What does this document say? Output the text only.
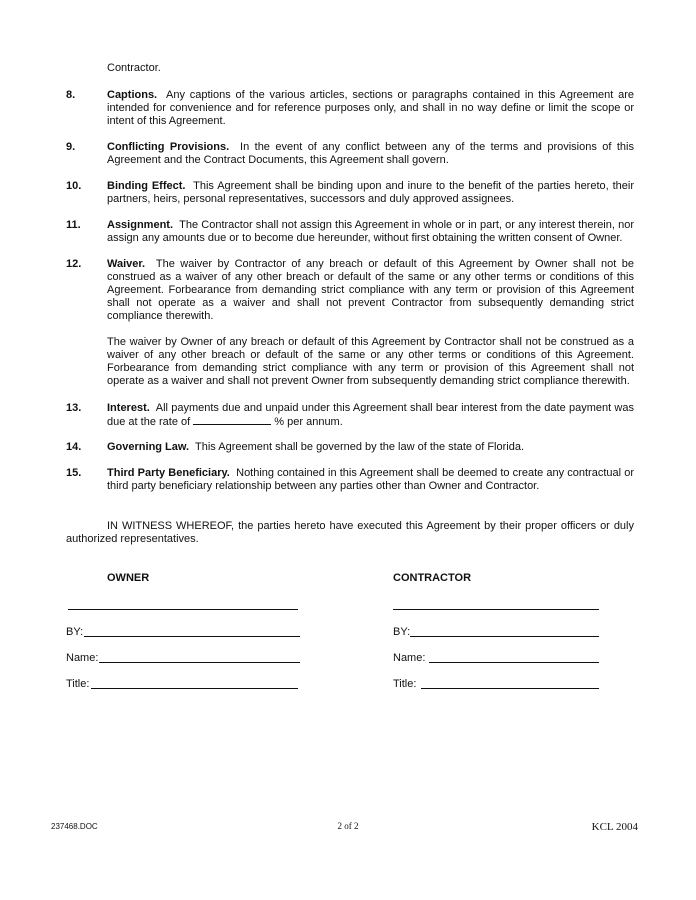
Contractor.
8.	Captions. Any captions of the various articles, sections or paragraphs contained in this Agreement are intended for convenience and for reference purposes only, and shall in no way define or limit the scope or intent of this Agreement.
9.	Conflicting Provisions. In the event of any conflict between any of the terms and provisions of this Agreement and the Contract Documents, this Agreement shall govern.
10. Binding Effect. This Agreement shall be binding upon and inure to the benefit of the parties hereto, their partners, heirs, personal representatives, successors and duly approved assignees.
11. Assignment. The Contractor shall not assign this Agreement in whole or in part, or any interest therein, nor assign any amounts due or to become due hereunder, without first obtaining the written consent of Owner.
12. Waiver. The waiver by Contractor of any breach or default of this Agreement by Owner shall not be construed as a waiver of any other breach or default of the same or any other terms or conditions of this Agreement. Forbearance from demanding strict compliance with any term or provision of this Agreement shall not operate as a waiver and shall not prevent Contractor from subsequently demanding strict compliance therewith.
The waiver by Owner of any breach or default of this Agreement by Contractor shall not be construed as a waiver of any other breach or default of the same or any other terms or conditions of this Agreement. Forbearance from demanding strict compliance with any term or provision of this Agreement shall not operate as a waiver and shall not prevent Owner from subsequently demanding strict compliance therewith.
13. Interest. All payments due and unpaid under this Agreement shall bear interest from the date payment was due at the rate of	% per annum.
14. Governing Law. This Agreement shall be governed by the law of the state of Florida.
15. Third Party Beneficiary. Nothing contained in this Agreement shall be deemed to create any contractual or third party beneficiary relationship between any parties other than Owner and Contractor.
IN WITNESS WHEREOF, the parties hereto have executed this Agreement by their proper officers or duly authorized representatives.
OWNER	CONTRACTOR
BY:
Name:
Title:
BY:
Name:
Title:
237468.DOC	2 of 2	KCL 2004
